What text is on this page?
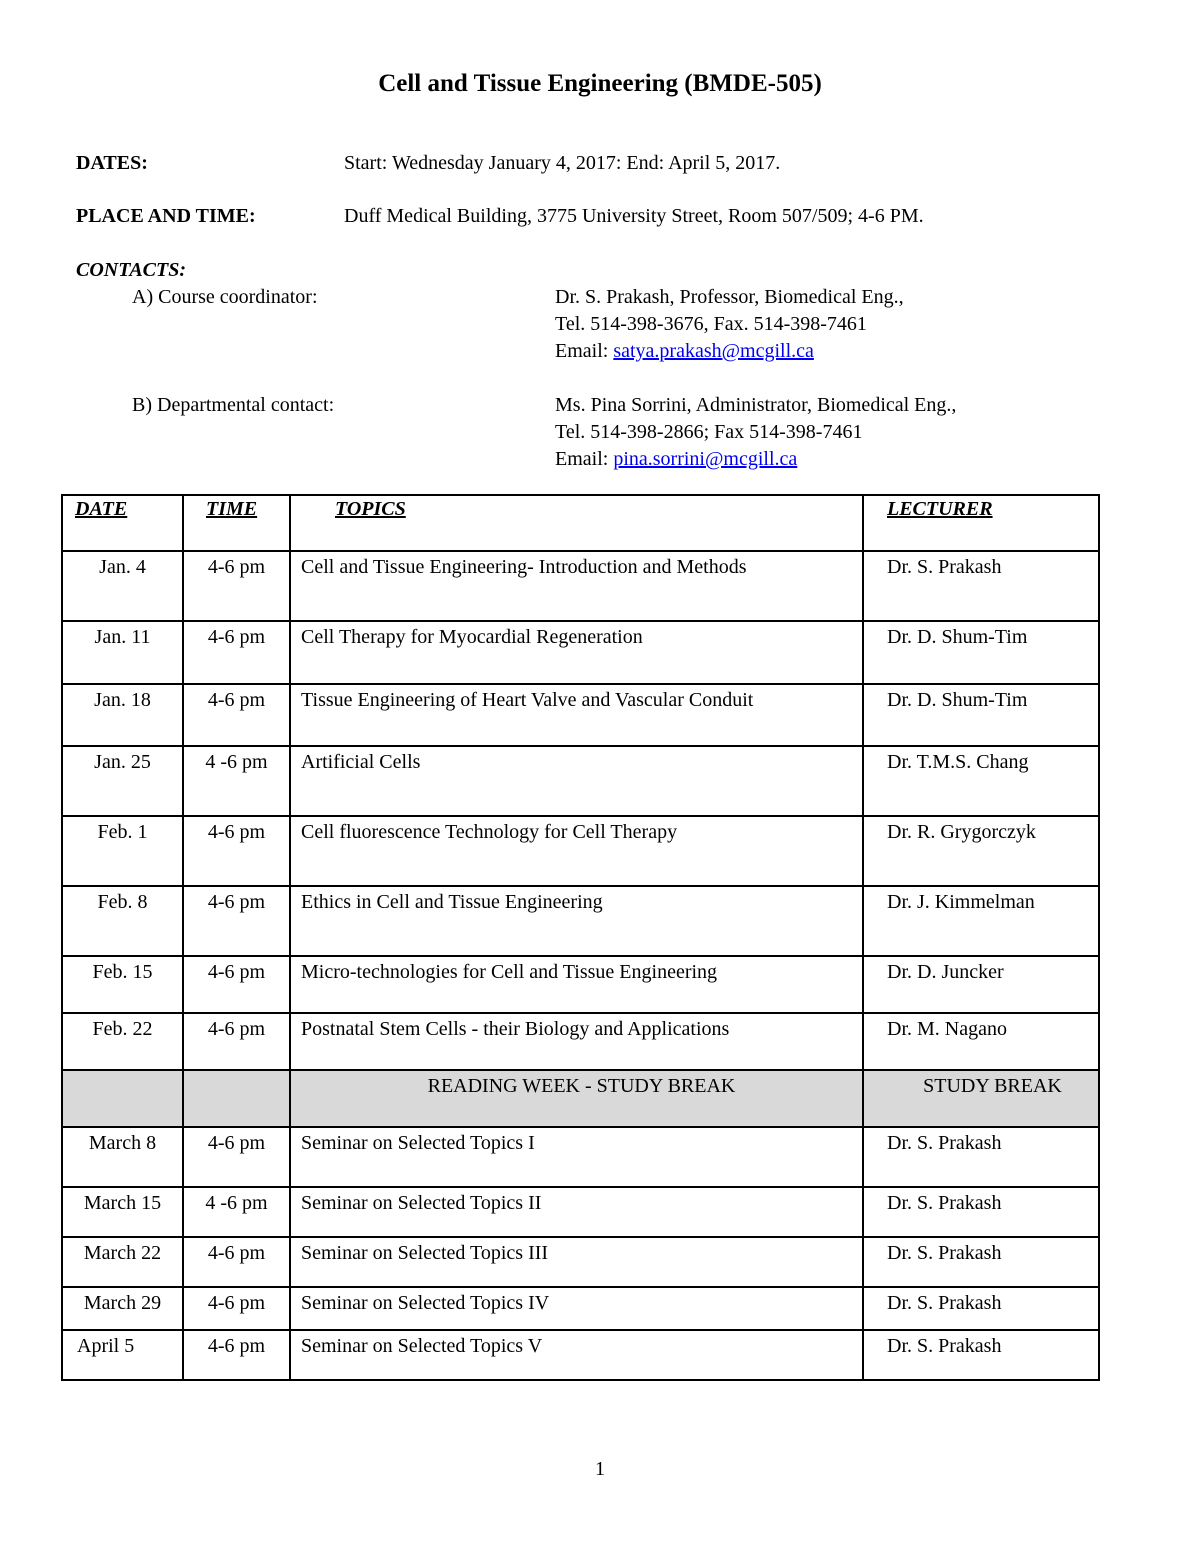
Cell and Tissue Engineering (BMDE-505)
DATES:	Start: Wednesday January 4, 2017: End: April 5, 2017.
PLACE AND TIME:	Duff Medical Building, 3775 University Street, Room 507/509; 4-6 PM.
CONTACTS:
A) Course coordinator:	Dr. S. Prakash, Professor, Biomedical Eng.,
Tel. 514-398-3676, Fax. 514-398-7461
Email: satya.prakash@mcgill.ca
B) Departmental contact:	Ms. Pina Sorrini, Administrator, Biomedical Eng.,
Tel. 514-398-2866; Fax 514-398-7461
Email: pina.sorrini@mcgill.ca
DATE	TIME	TOPICS	LECTURER
Jan. 4	4-6 pm	Cell and Tissue Engineering- Introduction and Methods	Dr. S. Prakash
Jan. 11	4-6 pm	Cell Therapy for Myocardial Regeneration	Dr. D. Shum-Tim
Jan. 18	4-6 pm	Tissue Engineering of Heart Valve and Vascular Conduit	Dr. D. Shum-Tim
Jan. 25	4 -6 pm	Artificial Cells	Dr. T.M.S. Chang
Feb. 1	4-6 pm	Cell fluorescence Technology for Cell Therapy	Dr. R. Grygorczyk
Feb. 8	4-6 pm	Ethics in Cell and Tissue Engineering	Dr. J. Kimmelman
Feb. 15	4-6 pm	Micro-technologies for Cell and Tissue Engineering	Dr. D. Juncker
Feb. 22	4-6 pm	Postnatal Stem Cells - their Biology and Applications	Dr. M. Nagano
		READING WEEK - STUDY BREAK	STUDY BREAK
March 8	4-6 pm	Seminar on Selected Topics I	Dr. S. Prakash
March 15	4 -6 pm	Seminar on Selected Topics II	Dr. S. Prakash
March 22	4-6 pm	Seminar on Selected Topics III	Dr. S. Prakash
March 29	4-6 pm	Seminar on Selected Topics IV	Dr. S. Prakash
April 5	4-6 pm	Seminar on Selected Topics V	Dr. S. Prakash
1
